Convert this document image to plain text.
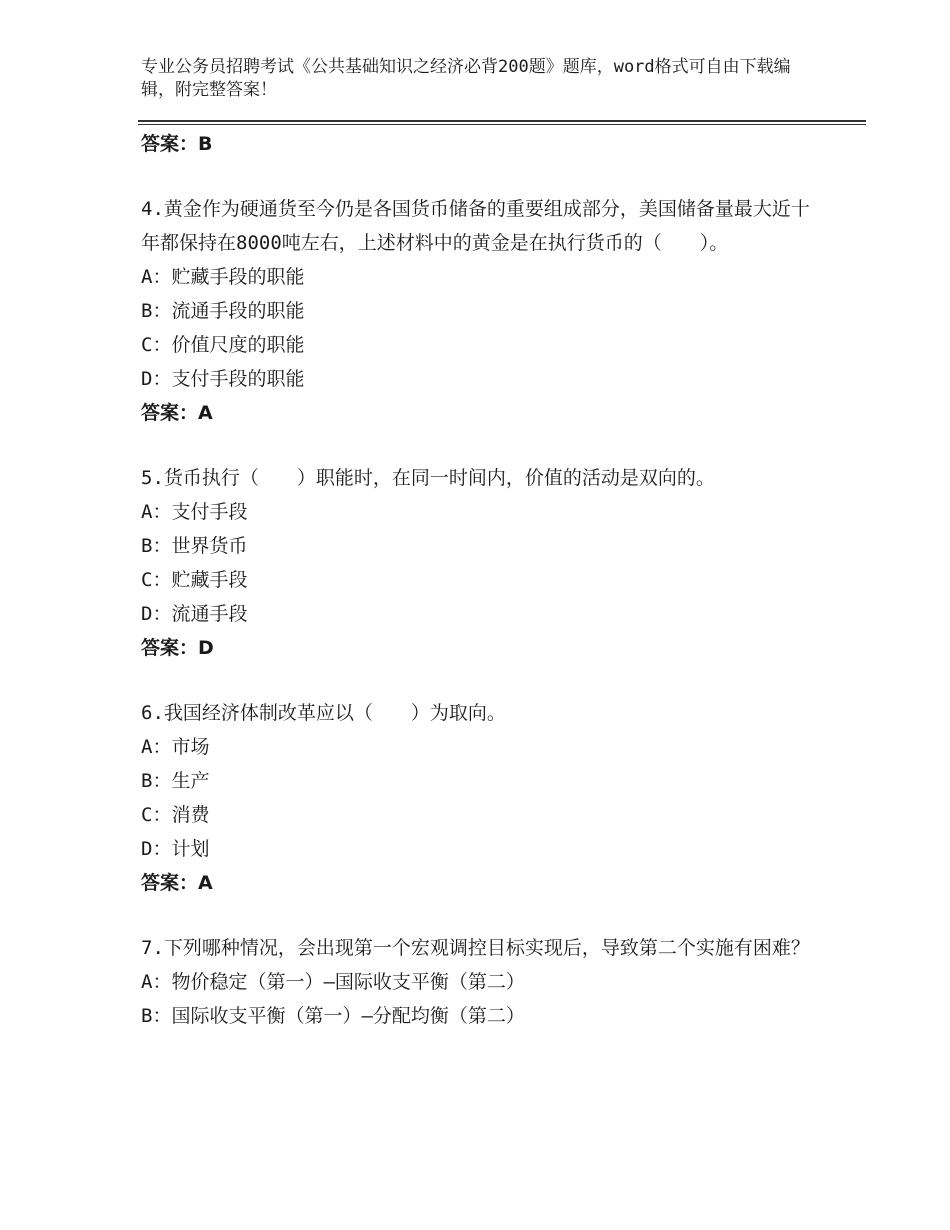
专业公务员招聘考试《公共基础知识之经济必背200题》题库，word格式可自由下载编辑，附完整答案！
答案：B
4.黄金作为硬通货至今仍是各国货币储备的重要组成部分，美国储备量最大近十年都保持在8000吨左右，上述材料中的黄金是在执行货币的（　　）。
A：贮藏手段的职能
B：流通手段的职能
C：价值尺度的职能
D：支付手段的职能
答案：A
5.货币执行（　　）职能时，在同一时间内，价值的活动是双向的。
A：支付手段
B：世界货币
C：贮藏手段
D：流通手段
答案：D
6.我国经济体制改革应以（　　）为取向。
A：市场
B：生产
C：消费
D：计划
答案：A
7.下列哪种情况，会出现第一个宏观调控目标实现后，导致第二个实施有困难？
A：物价稳定（第一）—国际收支平衡（第二）
B：国际收支平衡（第一）—分配均衡（第二）
